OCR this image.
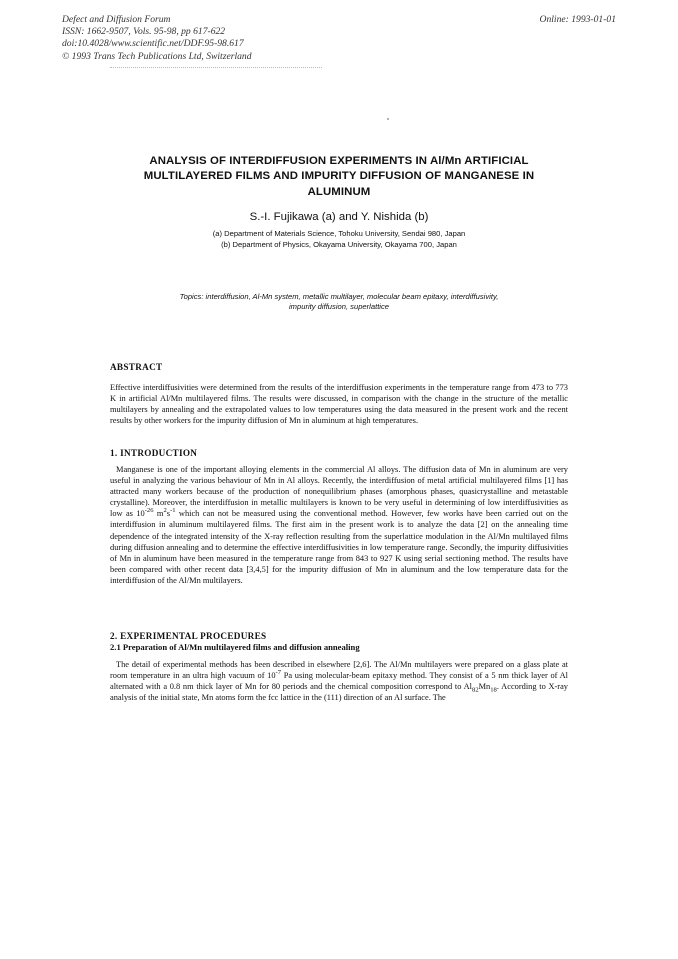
Defect and Diffusion Forum
ISSN: 1662-9507, Vols. 95-98, pp 617-622
doi:10.4028/www.scientific.net/DDF.95-98.617
© 1993 Trans Tech Publications Ltd, Switzerland
Online: 1993-01-01
ANALYSIS OF INTERDIFFUSION EXPERIMENTS IN Al/Mn ARTIFICIAL
MULTILAYERED FILMS AND IMPURITY DIFFUSION OF MANGANESE IN
ALUMINUM
S.-I. Fujikawa (a) and Y. Nishida (b)
(a) Department of Materials Science, Tohoku University, Sendai 980, Japan
(b) Department of Physics, Okayama University, Okayama 700, Japan
Topics: interdiffusion, Al-Mn system, metallic multilayer, molecular beam epitaxy, interdiffusivity,
impurity diffusion, superlattice
ABSTRACT
Effective interdiffusivities were determined from the results of the interdiffusion experiments in the temperature range from 473 to 773 K in artificial Al/Mn multilayered films. The results were discussed, in comparison with the change in the structure of the metallic multilayers by annealing and the extrapolated values to low temperatures using the data measured in the present work and the recent results by other workers for the impurity diffusion of Mn in aluminum at high temperatures.
1. INTRODUCTION
Manganese is one of the important alloying elements in the commercial Al alloys. The diffusion data of Mn in aluminum are very useful in analyzing the various behaviour of Mn in Al alloys. Recently, the interdiffusion of metal artificial multilayered films [1] has attracted many workers because of the production of nonequilibrium phases (amorphous phases, quasicrystalline and metastable crystalline). Moreover, the interdiffusion in metallic multilayers is known to be very useful in determining of low interdiffusivities as low as $10^{-26}$ $m^2s^{-1}$ which can not be measured using the conventional method. However, few works have been carried out on the interdiffusion in aluminum multilayered films. The first aim in the present work is to analyze the data [2] on the annealing time dependence of the integrated intensity of the X-ray reflection resulting from the superlattice modulation in the Al/Mn multilayed films during diffusion annealing and to determine the effective interdiffusivities in low temperature range. Secondly, the impurity diffusivities of Mn in aluminum have been measured in the temperature range from 843 to 927 K using serial sectioning method. The results have been compared with other recent data [3,4,5] for the impurity diffusion of Mn in aluminum and the low temperature data for the interdiffusion of the Al/Mn multilayers.
2. EXPERIMENTAL PROCEDURES
2.1 Preparation of Al/Mn multilayered films and diffusion annealing
The detail of experimental methods has been described in elsewhere [2,6]. The Al/Mn multilayers were prepared on a glass plate at room temperature in an ultra high vacuum of $10^{-7}$ Pa using molecular-beam epitaxy method. They consist of a 5 nm thick layer of Al alternated with a 0.8 nm thick layer of Mn for 80 periods and the chemical composition correspond to $Al_{82}Mn_{18}$. According to X-ray analysis of the initial state, Mn atoms form the fcc lattice in the (111) direction of an Al surface. The
